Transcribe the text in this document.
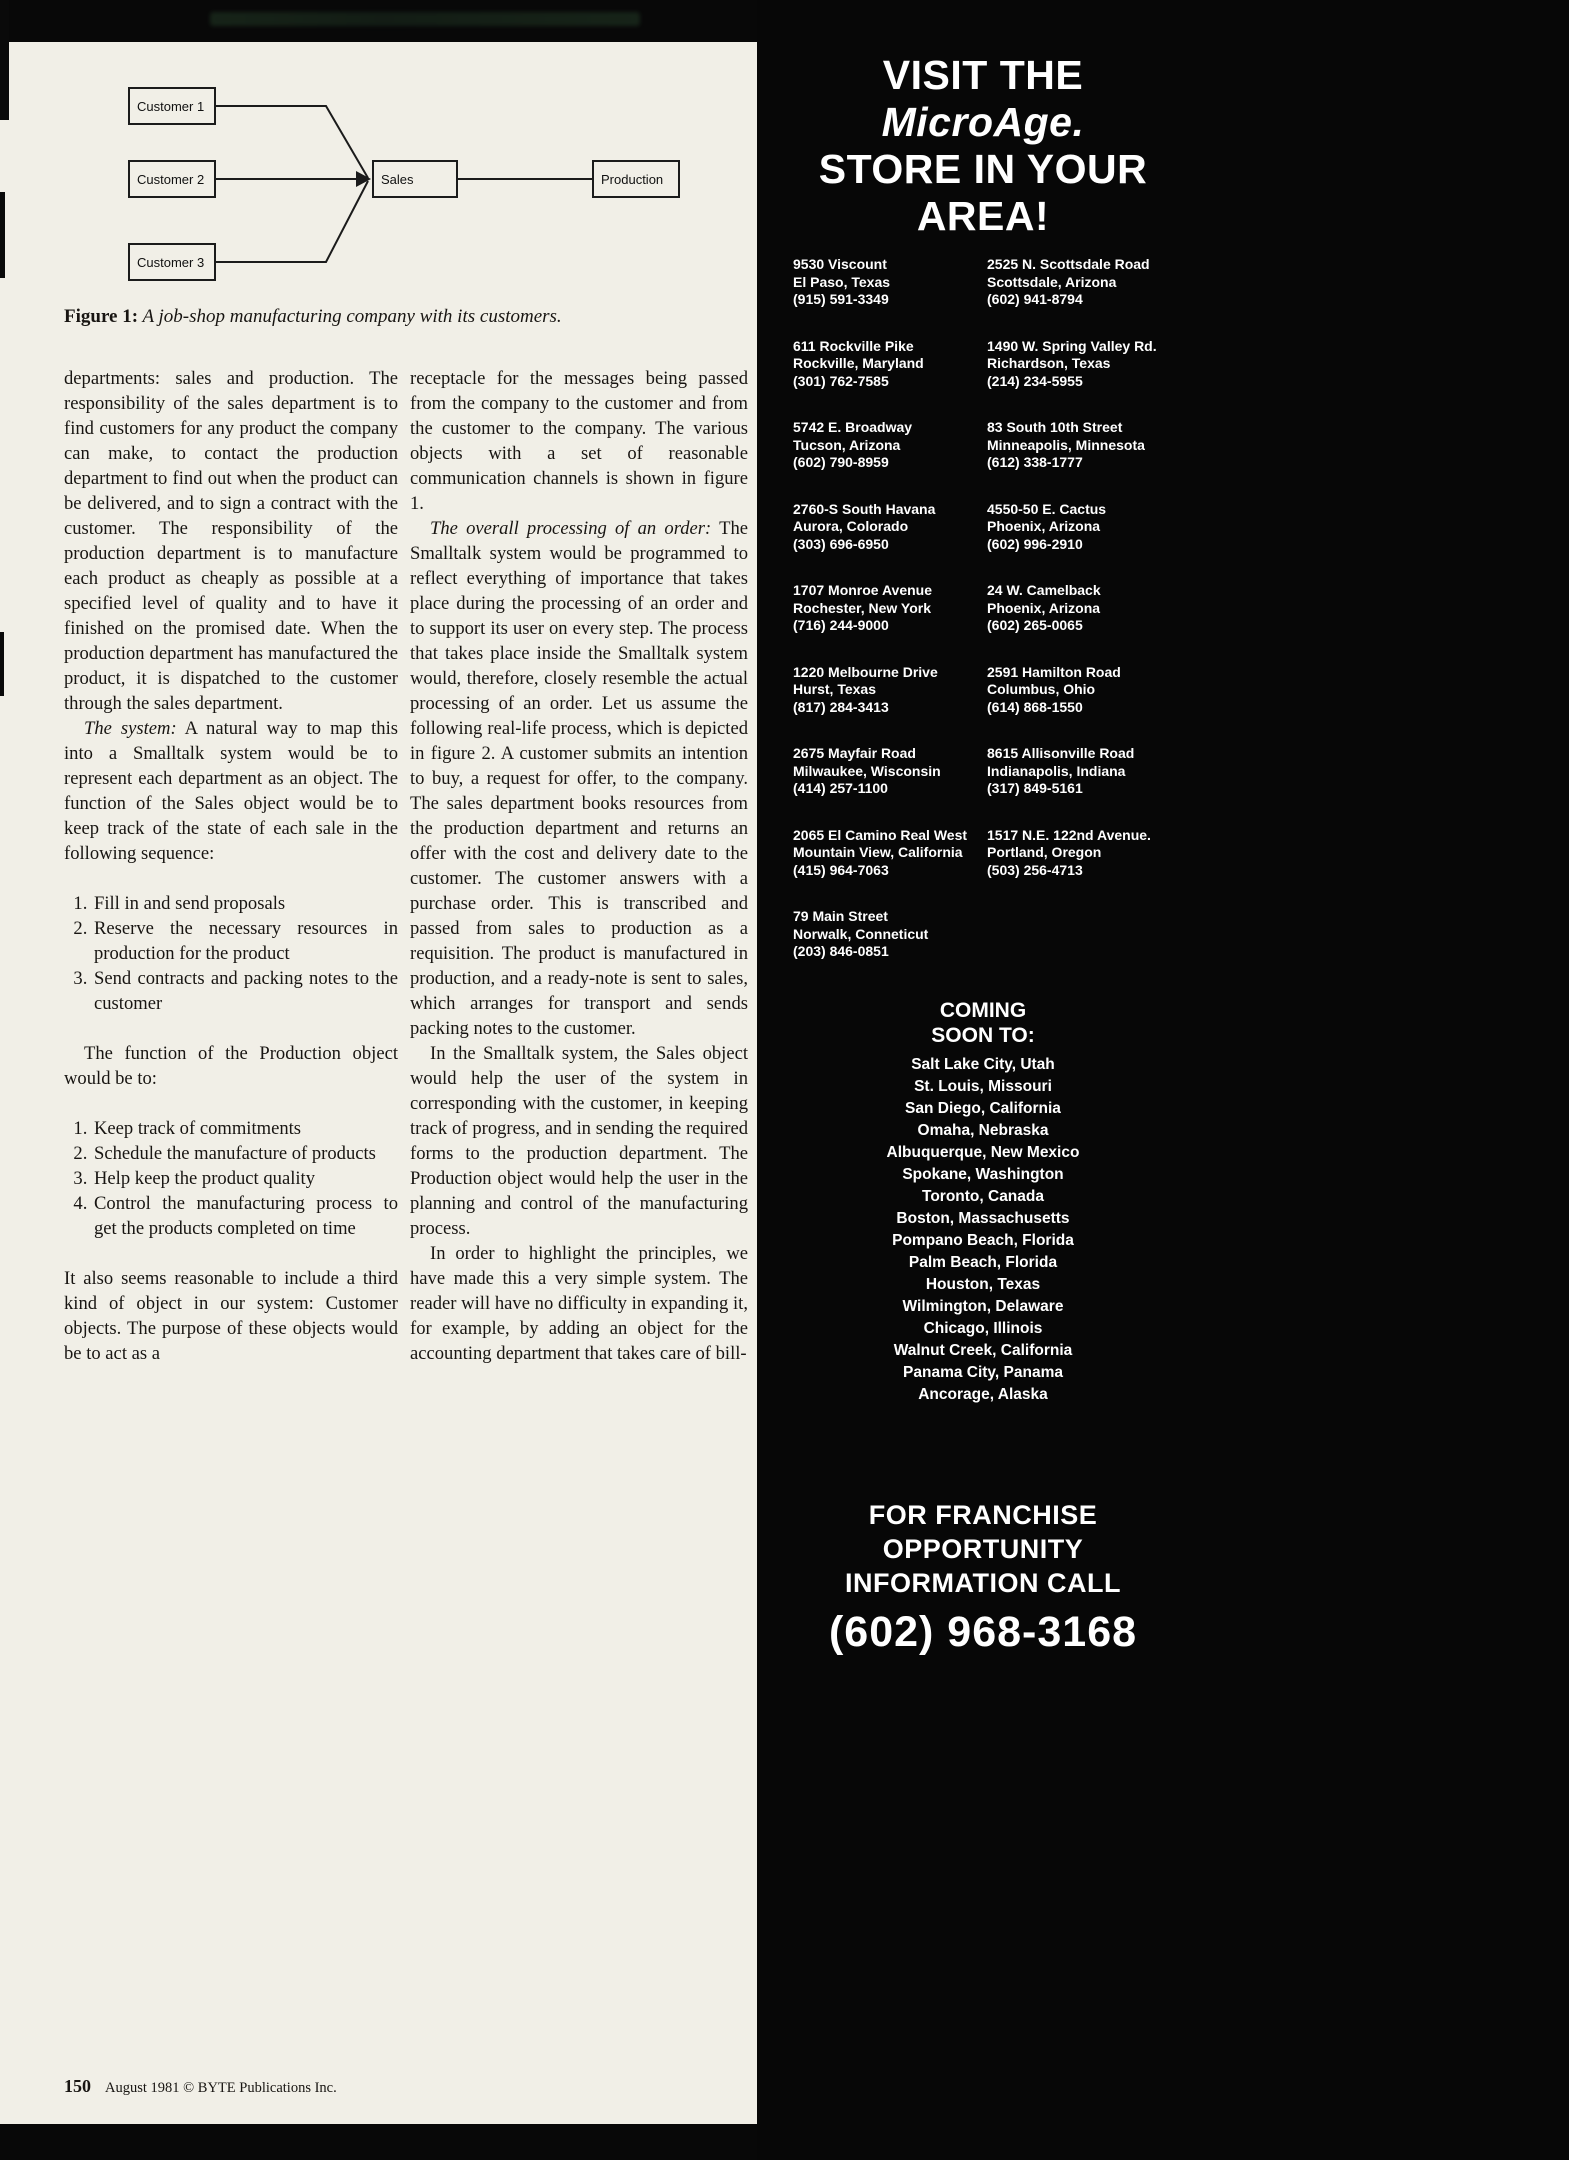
Customer 1
Customer 2
Customer 3
Sales	Production
Figure 1: A job-shop manufacturing company with its customers.

departments: sales and production. The responsibility of the sales department is to find customers for any product the company can make, to contact the production department to find out when the product can be delivered, and to sign a contract with the customer. The responsibility of the production department is to manufacture each product as cheaply as possible at a specified level of quality and to have it finished on the promised date. When the production department has manufactured the product, it is dispatched to the customer through the sales department.

The system: A natural way to map this into a Smalltalk system would be to represent each department as an object. The function of the Sales object would be to keep track of the state of each sale in the following sequence:

1. Fill in and send proposals
2. Reserve the necessary resources in production for the product
3. Send contracts and packing notes to the customer

The function of the Production object would be to:

1. Keep track of commitments
2. Schedule the manufacture of products
3. Help keep the product quality
4. Control the manufacturing process to get the products completed on time

It also seems reasonable to include a third kind of object in our system: Customer objects. The purpose of these objects would be to act as a

receptacle for the messages being passed from the company to the customer and from the customer to the company. The various objects with a set of reasonable communication channels is shown in figure 1.

The overall processing of an order: The Smalltalk system would be programmed to reflect everything of importance that takes place during the processing of an order and to support its user on every step. The process that takes place inside the Smalltalk system would, therefore, closely resemble the actual processing of an order. Let us assume the following real-life process, which is depicted in figure 2. A customer submits an intention to buy, a request for offer, to the company. The sales department books resources from the production department and returns an offer with the cost and delivery date to the customer. The customer answers with a purchase order. This is transcribed and passed from sales to production as a requisition. The product is manufactured in production, and a ready-note is sent to sales, which arranges for transport and sends packing notes to the customer.

In the Smalltalk system, the Sales object would help the user of the system in corresponding with the customer, in keeping track of progress, and in sending the required forms to the production department. The Production object would help the user in the planning and control of the manufacturing process.

In order to highlight the principles, we have made this a very simple system. The reader will have no difficulty in expanding it, for example, by adding an object for the accounting department that takes care of bill-

150 August 1981 © BYTE Publications Inc.
VISIT THE
MicroAge.
STORE IN YOUR
AREA!
9530 Viscount
El Paso, Texas
(915) 591-3349
611 Rockville Pike
Rockville, Maryland
(301) 762-7585
5742 E. Broadway
Tucson, Arizona
(602) 790-8959
2760-S South Havana
Aurora, Colorado
(303) 696-6950
1707 Monroe Avenue
Rochester, New York
(716) 244-9000
1220 Melbourne Drive
Hurst, Texas
(817) 284-3413
2675 Mayfair Road
Milwaukee, Wisconsin
(414) 257-1100
2065 El Camino Real West
Mountain View, California
(415) 964-7063
79 Main Street
Norwalk, Conneticut
(203) 846-0851
2525 N. Scottsdale Road
Scottsdale, Arizona
(602) 941-8794
1490 W. Spring Valley Rd.
Richardson, Texas
(214) 234-5955
83 South 10th Street
Minneapolis, Minnesota
(612) 338-1777
4550-50 E. Cactus
Phoenix, Arizona
(602) 996-2910
24 W. Camelback
Phoenix, Arizona
(602) 265-0065
2591 Hamilton Road
Columbus, Ohio
(614) 868-1550
8615 Allisonville Road
Indianapolis, Indiana
(317) 849-5161
1517 N.E. 122nd Avenue.
Portland, Oregon
(503) 256-4713
COMING
SOON TO:
Salt Lake City, Utah
St. Louis, Missouri
San Diego, California
Omaha, Nebraska
Albuquerque, New Mexico
Spokane, Washington
Toronto, Canada
Boston, Massachusetts
Pompano Beach, Florida
Palm Beach, Florida
Houston, Texas
Wilmington, Delaware
Chicago, Illinois
Walnut Creek, California
Panama City, Panama
Ancorage, Alaska
FOR FRANCHISE
OPPORTUNITY
INFORMATION CALL
(602) 968-3168
